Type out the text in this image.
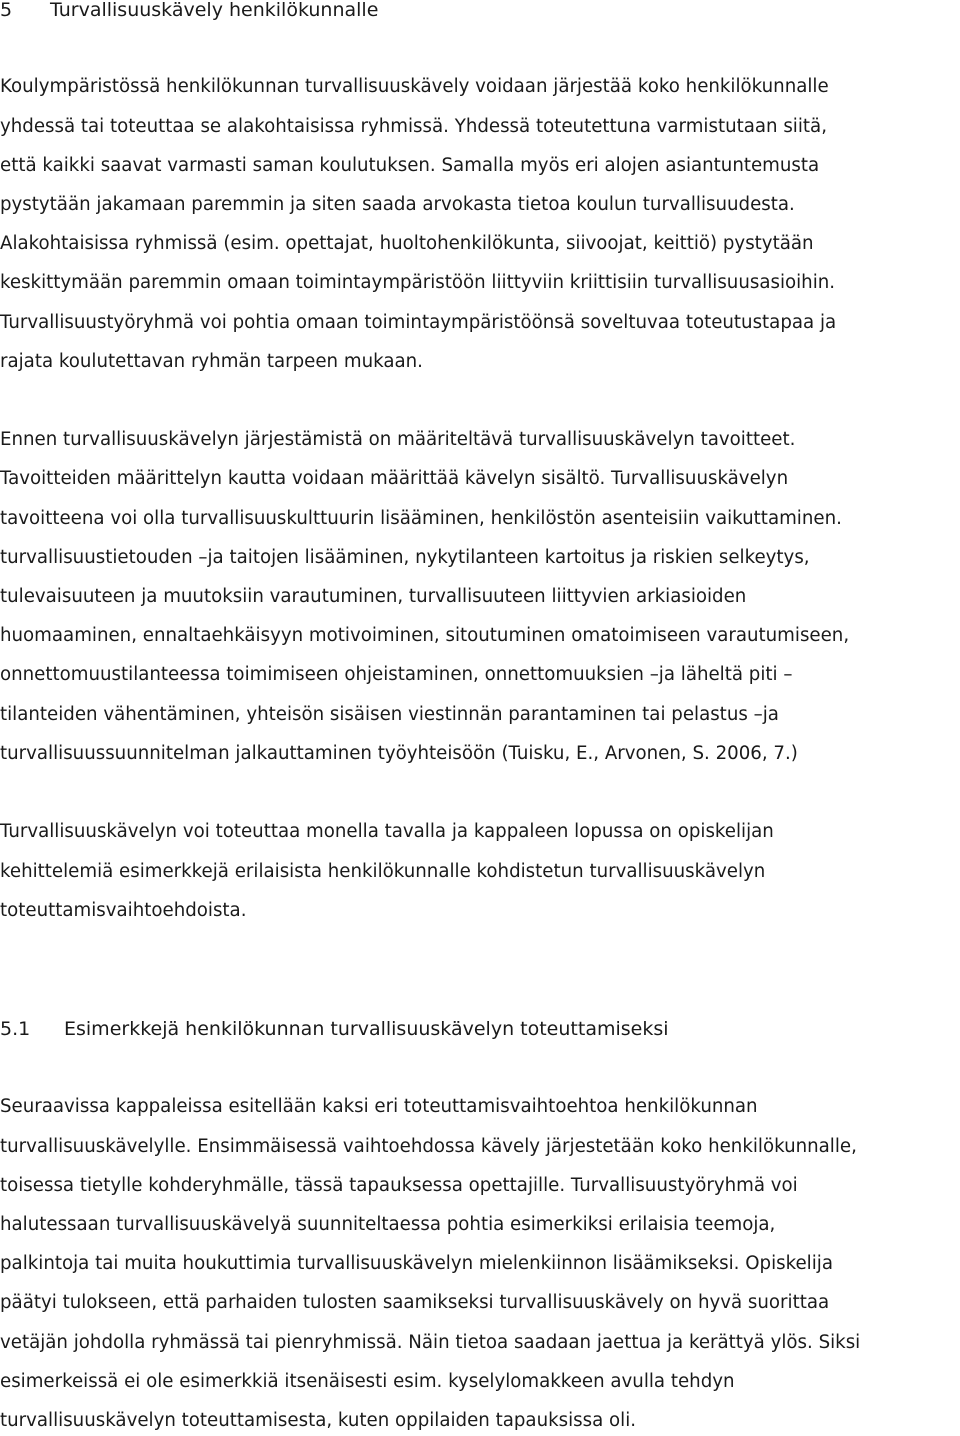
5 Turvallisuuskävely henkilökunnalle
Koulympäristössä henkilökunnan turvallisuuskävely voidaan järjestää koko henkilökunnalle
yhdessä tai toteuttaa se alakohtaisissa ryhmissä. Yhdessä toteutettuna varmistutaan siitä,
että kaikki saavat varmasti saman koulutuksen. Samalla myös eri alojen asiantuntemusta
pystytään jakamaan paremmin ja siten saada arvokasta tietoa koulun turvallisuudesta.
Alakohtaisissa ryhmissä (esim. opettajat, huoltohenkilökunta, siivoojat, keittiö) pystytään
keskittymään paremmin omaan toimintaympäristöön liittyviin kriittisiin turvallisuusasioihin.
Turvallisuustyöryhmä voi pohtia omaan toimintaympäristöönsä soveltuvaa toteutustapaa ja
rajata koulutettavan ryhmän tarpeen mukaan.
Ennen turvallisuuskävelyn järjestämistä on määriteltävä turvallisuuskävelyn tavoitteet.
Tavoitteiden määrittelyn kautta voidaan määrittää kävelyn sisältö. Turvallisuuskävelyn
tavoitteena voi olla turvallisuuskulttuurin lisääminen, henkilöstön asenteisiin vaikuttaminen.
turvallisuustietouden –ja taitojen lisääminen, nykytilanteen kartoitus ja riskien selkeytys,
tulevaisuuteen ja muutoksiin varautuminen, turvallisuuteen liittyvien arkiasioiden
huomaaminen, ennaltaehkäisyyn motivoiminen, sitoutuminen omatoimiseen varautumiseen,
onnettomuustilanteessa toimimiseen ohjeistaminen, onnettomuuksien –ja läheltä piti –
tilanteiden vähentäminen, yhteisön sisäisen viestinnän parantaminen tai pelastus –ja
turvallisuussuunnitelman jalkauttaminen työyhteisöön (Tuisku, E., Arvonen, S. 2006, 7.)
Turvallisuuskävelyn voi toteuttaa monella tavalla ja kappaleen lopussa on opiskelijan
kehittelemiä esimerkkejä erilaisista henkilökunnalle kohdistetun turvallisuuskävelyn
toteuttamisvaihtoehdoista.
5.1 Esimerkkejä henkilökunnan turvallisuuskävelyn toteuttamiseksi
Seuraavissa kappaleissa esitellään kaksi eri toteuttamisvaihtoehtoa henkilökunnan
turvallisuuskävelylle. Ensimmäisessä vaihtoehdossa kävely järjestetään koko henkilökunnalle,
toisessa tietylle kohderyhmälle, tässä tapauksessa opettajille. Turvallisuustyöryhmä voi
halutessaan turvallisuuskävelyä suunniteltaessa pohtia esimerkiksi erilaisia teemoja,
palkintoja tai muita houkuttimia turvallisuuskävelyn mielenkiinnon lisäämikseksi. Opiskelija
päätyi tulokseen, että parhaiden tulosten saamikseksi turvallisuuskävely on hyvä suorittaa
vetäjän johdolla ryhmässä tai pienryhmissä. Näin tietoa saadaan jaettua ja kerättyä ylös. Siksi
esimerkeissä ei ole esimerkkiä itsenäisesti esim. kyselylomakkeen avulla tehdyn
turvallisuuskävelyn toteuttamisesta, kuten oppilaiden tapauksissa oli.
